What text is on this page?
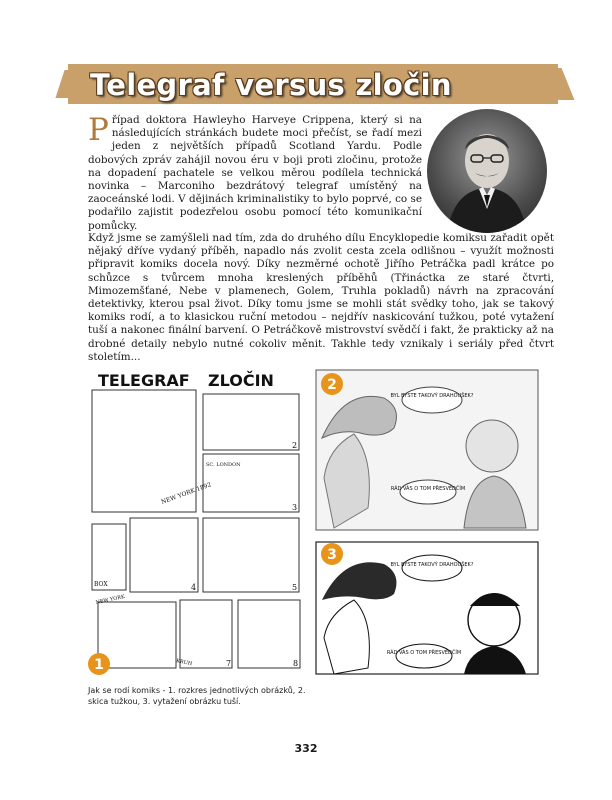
Telegraf versus zločin
Případ doktora Hawleyho Harveye Crippena, který si na následujících stránkách budete moci přečíst, se řadí mezi jeden z největších případů Scotland Yardu. Podle dobových zpráv zahájil novou éru v boji proti zločinu, protože na dopadení pachatele se velkou měrou podílela technická novinka – Marconiho bezdrátový telegraf umístěný na zaoceánské lodi. V dějinách kriminalistiky to bylo poprvé, co se podařilo zajistit podezřelou osobu pomocí této komunikační pomůcky.
Když jsme se zamýšleli nad tím, zda do druhého dílu Encyklopedie komiksu zařadit opět nějaký dříve vydaný příběh, napadlo nás zvolit cesta zcela odlišnou – využít možnosti připravit komiks docela nový. Díky nezměrné ochotě Jiřího Petráčka padl krátce po schůzce s tvůrcem mnoha kreslených příběhů (Třináctka ze staré čtvrti, Mimozemšťané, Nebe v plamenech, Golem, Truhla pokladů) návrh na zpracování detektivky, kterou psal život. Díky tomu jsme se mohli stát svědky toho, jak se takový komiks rodí, a to klasickou ruční metodou – nejdřív naskicování tužkou, poté vytažení tuší a nakonec finální barvení. O Petráčkově mistrovství svědčí i fakt, že prakticky až na drobné detaily nebylo nutné cokoliv měnit. Takhle tedy vznikaly i seriály před čtvrt stoletím...
TELEGRAF ZLOČIN
2
3
4	5
7	8
NEW YORK 1892
BOX
NEW YORK
KRUH
SC. LONDON
1
2
BYL BYSTE TAKOVÝ DRAHOUŠEK?
RÁD VÁS O TOM PŘESVĚDČÍM
3
BYL BYSTE TAKOVÝ DRAHOUŠEK?
RÁD VÁS O TOM PŘESVĚDČÍM
Jak se rodí komiks - 1. rozkres jednotlivých obrázků, 2. skica tužkou, 3. vytažení obrázku tuší.
332
